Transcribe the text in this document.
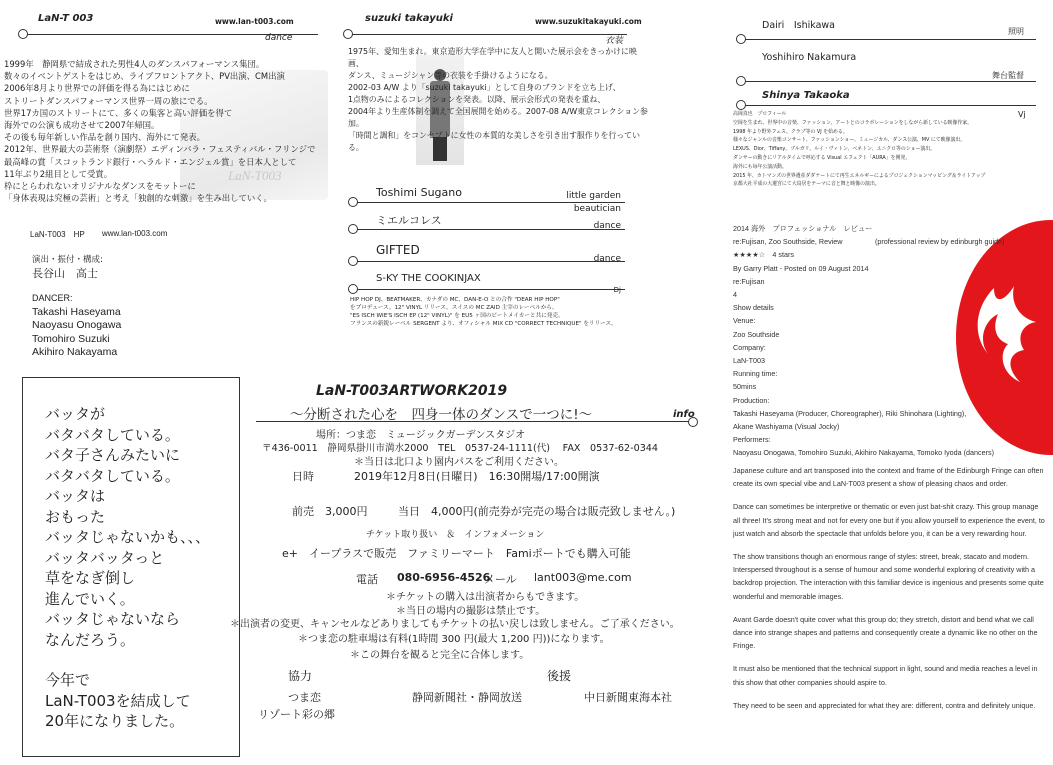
LaN-T 003	www.lan-t003.com
dance
LaN-T003
1999年　静岡県で結成された男性4人のダンスパフォーマンス集団。
数々のイベントゲストをはじめ、ライブフロントアクト、PV出演、CM出演
2006年8月より世界での評価を得る為にはじめに
ストリートダンスパフォーマンス世界一周の旅にでる。
世界17カ国のストリートにて、多くの集客と高い評価を得て
海外での公演も成功させて2007年帰国。
その後も毎年新しい作品を創り国内、海外にて発表。
2012年、世界最大の芸術祭（演劇祭）エディンバラ・フェスティバル・フリンジで
最高峰の賞「スコットランド銀行・ヘラルド・エンジェル賞」を日本人として
11年ぶり2組目として受賞。
枠にとらわれないオリジナルなダンスをモットーに
「身体表現は究極の芸術」と考え「独創的な刺激」を生み出していく。
LaN-T003　HP www.lan-t003.com
演出・振付・構成:
長谷山　高士
DANCER:
Takashi Haseyama
Naoyasu Onogawa
Tomohiro Suzuki
Akihiro Nakayama
suzuki takayuki	www.suzukitakayuki.com
衣装
1975年、愛知生まれ。東京造形大学在学中に友人と開いた展示会をきっかけに映画、
ダンス、ミュージシャン等の衣装を手掛けるようになる。
2002-03 A/W より「suzuki takayuki」として自身のブランドを立ち上げ、
1点物のみによるコレクションを発表。以降、展示会形式の発表を重ね、
2004年より生産体制を調えて全国展開を始める。2007-08 A/W東京コレクション参加。
「時間と調和」をコンセプトに女性の本質的な美しさを引き出す服作りを行っている。
Toshimi Sugano	little garden
beautician
ミエルコレス	dance
GIFTED
dance
S-KY THE COOKINJAX
Dj
HIP HOP DJ、BEATMAKER、カナダの MC、DAN-E-O との合作 "DEAR HIP HOP"
をプロデュース。12" VINYL リリース。スイスの MC ZAID 主宰のレーベルから、
"ES ISCH WIE'S ISCH EP (12" VINYL)" を EU5 ヶ国のビートメイカーと共に発売。
フランスの新鋭レーベル SERGENT より、オフィシャル MIX CD "CORRECT TECHNIQUE" をリリース。
Dairi　Ishikawa
照明
Yoshihiro Nakamura
舞台監督
Shinya Takaoka
Vj
高岡真也　プロフィール
空岡を生まれ、世界中の音楽、ファッション、アートとのコラボレーションをしながら新している映像作家。
1998 年より野外フェス、クラブ等の VJ を始める。
様々なジャンルの音楽コンサート、ファッションショー、ミュージカル、ダンス公演、MV にて映像演出。
LEXUS、Dior、Tiffany、ブルガリ、ルイ・ヴィトン、ベネトン、ユニクロ等のショー演出。
ダンサーの動きにリアルタイムで呼応する Visual エフェクト「AURA」を開発。
海外にも毎年公演活動。
2015 年、カトマンズの世界遺産ダダナートにて再生エネルギーによるプロジェクションマッピング＆ライトアップ
京都大社平成の大遷宮にて大鳥居をテーマに音と舞と映像の演出。
2014 海外　プロフェッショナル　レビュー
re:Fujisan, Zoo Southside, Review
★★★★☆　4 stars
By Garry Platt - Posted on 09 August 2014
re:Fujisan
4
Show details
Venue:
Zoo Southside
Company:
LaN-T003
Running time:
50mins
Production:
Takashi Haseyama (Producer, Choreographer), Riki Shinohara (Lighting),
Akane Washiyama (Visual Jocky)
Performers:
Naoyasu Onogawa, Tomohiro Suzuki, Akihiro Nakayama, Tomoko Iyoda (dancers)
(professional review by edinburgh guide)

Japanese culture and art transposed into the context and frame of the Edinburgh Fringe can often create its own special vibe and LaN-T003 present a show of pleasing chaos and order.

Dance can sometimes be interpretive or thematic or even just bat-shit crazy. This group manage all three! It's strong meat and not for every one but if you allow yourself to experience the event, to just watch and absorb the spectacle that unfolds before you, it can be a very rewarding hour.

The show transitions though an enormous range of styles: street, break, stacato and modern. Interspersed throughout is a sense of humour and some wonderful exploring of creativity with a backdrop projection. The interaction with this familiar device is ingenious and presents some quite wonderful and memorable images.

Avant Garde doesn't quite cover what this group do; they stretch, distort and bend what we call dance into strange shapes and patterns and consequently create a dynamic like no other on the Fringe.

It must also be mentioned that the technical support in light, sound and media reaches a level in this show that other companies should aspire to.

They need to be seen and appreciated for what they are: different, contra and definitely unique.

バッタが
バタバタしている。
バタ子さんみたいに
バタバタしている。
バッタは
おもった
バッタじゃないかも、、、
バッタバッタっと
草をなぎ倒し
進んでいく。
バッタじゃないなら
なんだろう。
今年で
LaN-T003を結成して
20年になりました。
LaN-T003ARTWORK2019
～分断された心を　四身一体のダンスで一つに!～	info
場所：つま恋　ミュージックガーデンスタジオ
〒436-0011　静岡県掛川市満水2000　TEL　0537-24-1111(代)　 FAX　0537-62-0344
＊当日は北口より園内パスをご利用ください。
日時	2019年12月8日(日曜日)　16:30開場/17:00開演
前売　3,000円	当日　4,000円(前売券が完売の場合は販売致しません。)
チケット取り扱い　＆　インフォメーション
e+　イープラスで販売　ファミリーマート　Famiポートでも購入可能
電話 080-6956-4526
メール lant003@me.com
＊チケットの購入は出演者からもできます。
＊当日の場内の撮影は禁止です。
＊出演者の変更、キャンセルなどありましてもチケットの払い戻しは致しません。ご了承ください。
＊つま恋の駐車場は有料(1時間 300 円(最大 1,200 円))になります。
＊この舞台を観ると完全に合体します。
協力	後援
つま恋
リゾート彩の郷
静岡新聞社・静岡放送	中日新聞東海本社
